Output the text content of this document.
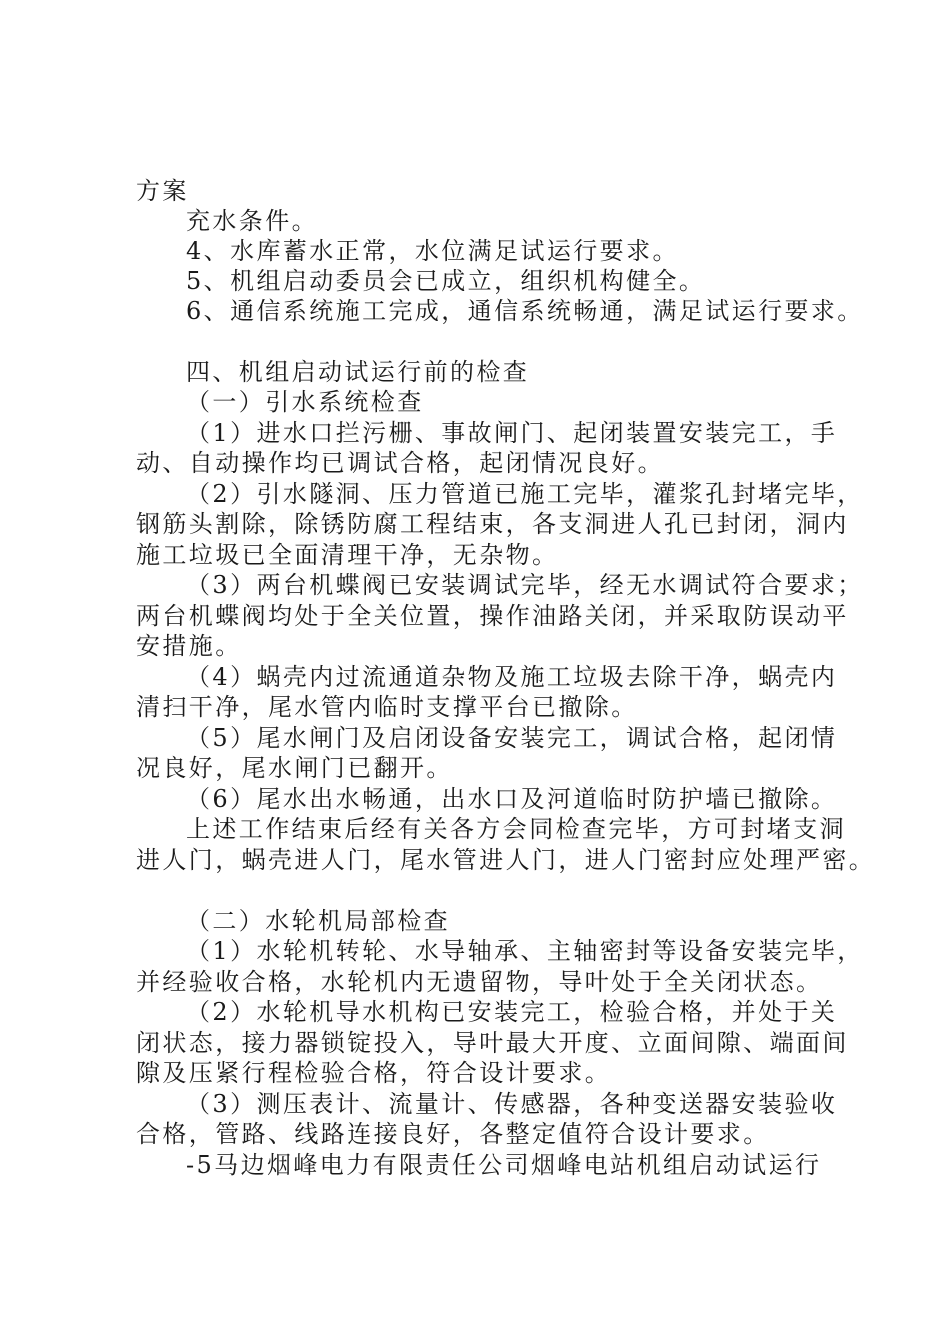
方案
充水条件。
4、水库蓄水正常，水位满足试运行要求。
5、机组启动委员会已成立，组织机构健全。
6、通信系统施工完成，通信系统畅通，满足试运行要求。
四、机组启动试运行前的检查
（一）引水系统检查
（1）进水口拦污栅、事故闸门、起闭装置安装完工，手
动、自动操作均已调试合格，起闭情况良好。
（2）引水隧洞、压力管道已施工完毕，灌浆孔封堵完毕，
钢筋头割除，除锈防腐工程结束，各支洞进人孔已封闭，洞内
施工垃圾已全面清理干净，无杂物。
（3）两台机蝶阀已安装调试完毕，经无水调试符合要求；
两台机蝶阀均处于全关位置，操作油路关闭，并采取防误动平
安措施。
（4）蜗壳内过流通道杂物及施工垃圾去除干净，蜗壳内
清扫干净，尾水管内临时支撑平台已撤除。
（5）尾水闸门及启闭设备安装完工，调试合格，起闭情
况良好，尾水闸门已翻开。
（6）尾水出水畅通，出水口及河道临时防护墙已撤除。
上述工作结束后经有关各方会同检查完毕，方可封堵支洞
进人门，蜗壳进人门，尾水管进人门，进人门密封应处理严密。
（二）水轮机局部检查
（1）水轮机转轮、水导轴承、主轴密封等设备安装完毕，
并经验收合格，水轮机内无遗留物，导叶处于全关闭状态。
（2）水轮机导水机构已安装完工，检验合格，并处于关
闭状态，接力器锁锭投入，导叶最大开度、立面间隙、端面间
隙及压紧行程检验合格，符合设计要求。
（3）测压表计、流量计、传感器，各种变送器安装验收
合格，管路、线路连接良好，各整定值符合设计要求。
-5马边烟峰电力有限责任公司烟峰电站机组启动试运行
